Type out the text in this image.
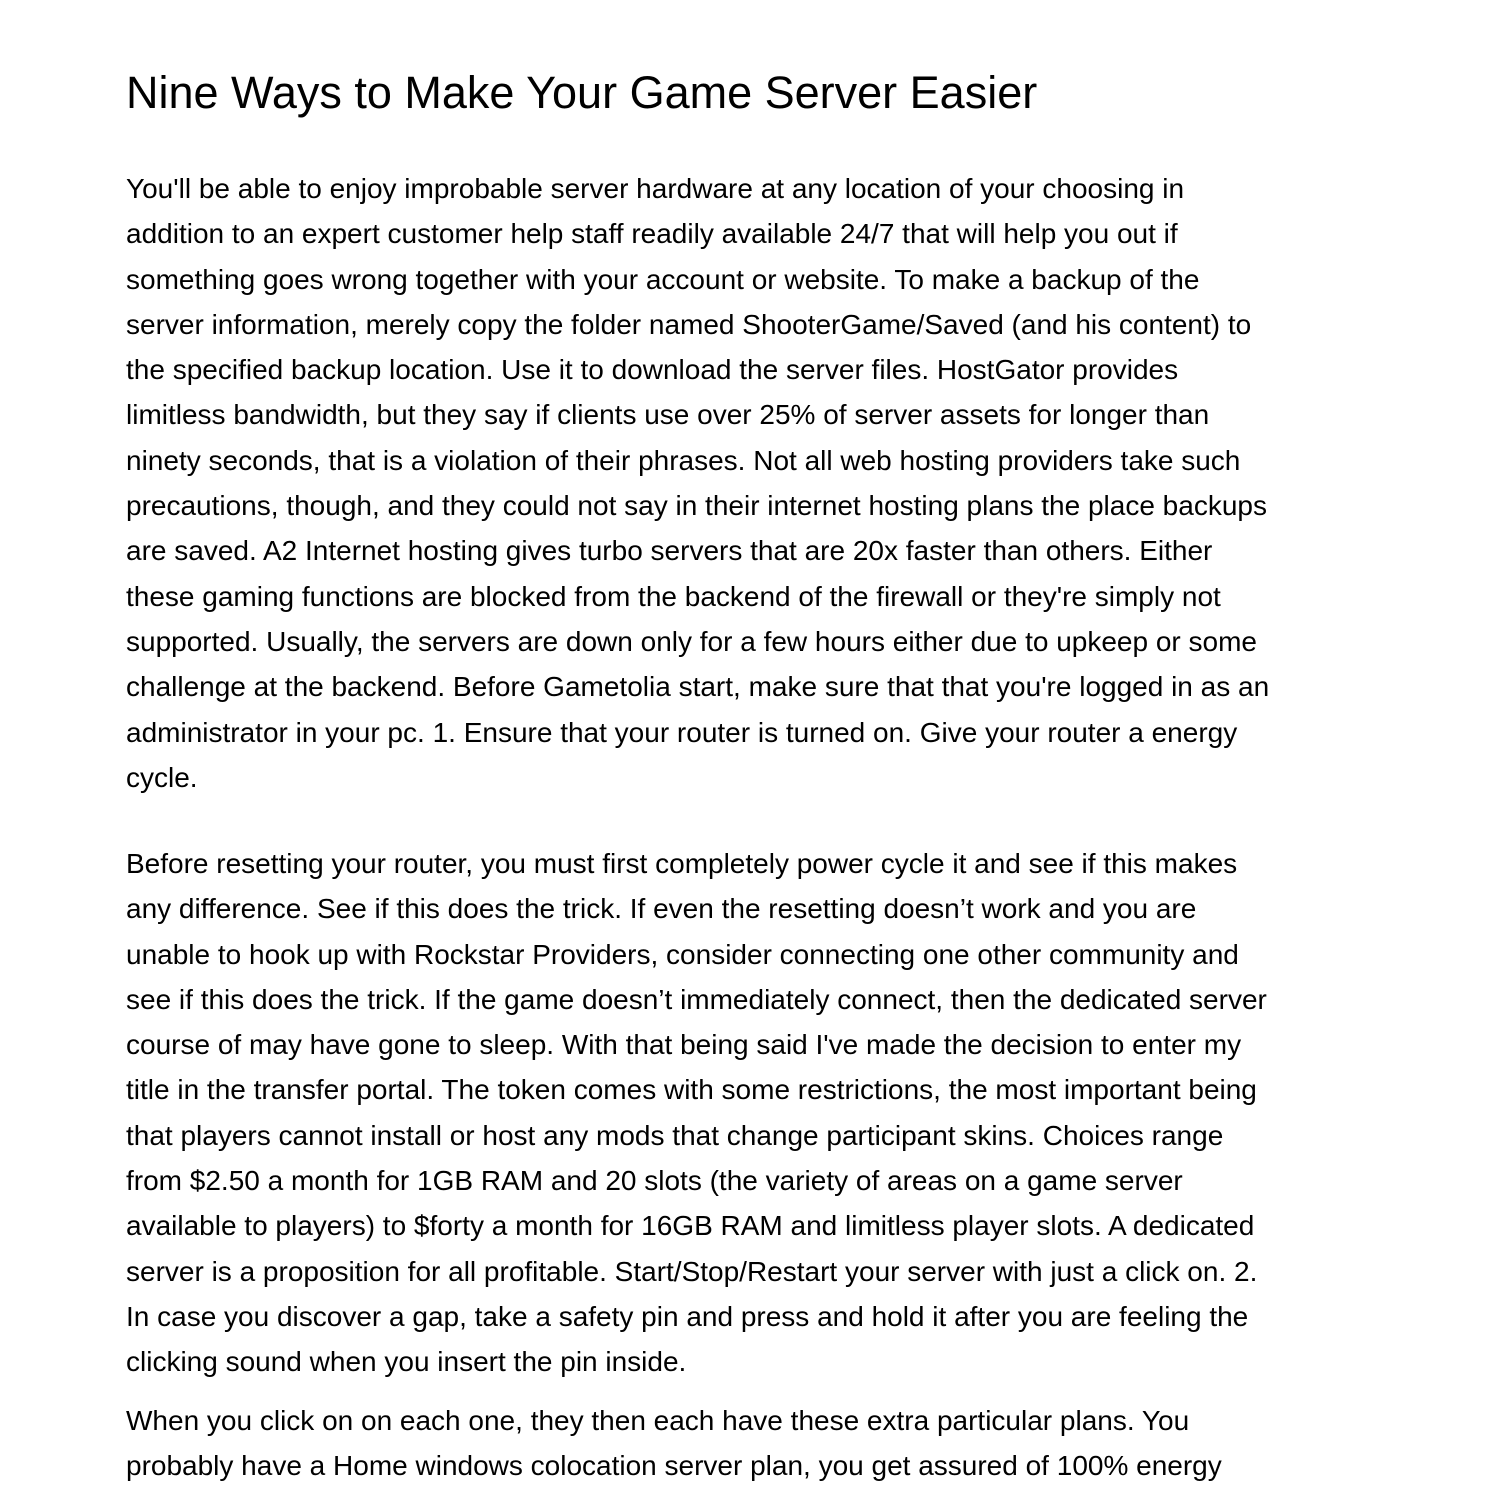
Nine Ways to Make Your Game Server Easier

You'll be able to enjoy improbable server hardware at any location of your choosing in
addition to an expert customer help staff readily available 24/7 that will help you out if
something goes wrong together with your account or website. To make a backup of the
server information, merely copy the folder named ShooterGame/Saved (and his content) to
the specified backup location. Use it to download the server files. HostGator provides
limitless bandwidth, but they say if clients use over 25% of server assets for longer than
ninety seconds, that is a violation of their phrases. Not all web hosting providers take such
precautions, though, and they could not say in their internet hosting plans the place backups
are saved. A2 Internet hosting gives turbo servers that are 20x faster than others. Either
these gaming functions are blocked from the backend of the firewall or they're simply not
supported. Usually, the servers are down only for a few hours either due to upkeep or some
challenge at the backend. Before Gametolia start, make sure that that you're logged in as an
administrator in your pc. 1. Ensure that your router is turned on. Give your router a energy
cycle.

Before resetting your router, you must first completely power cycle it and see if this makes
any difference. See if this does the trick. If even the resetting doesn’t work and you are
unable to hook up with Rockstar Providers, consider connecting one other community and
see if this does the trick. If the game doesn’t immediately connect, then the dedicated server
course of may have gone to sleep. With that being said I've made the decision to enter my
title in the transfer portal. The token comes with some restrictions, the most important being
that players cannot install or host any mods that change participant skins. Choices range
from $2.50 a month for 1GB RAM and 20 slots (the variety of areas on a game server
available to players) to $forty a month for 16GB RAM and limitless player slots. A dedicated
server is a proposition for all profitable. Start/Stop/Restart your server with just a click on. 2.
In case you discover a gap, take a safety pin and press and hold it after you are feeling the
clicking sound when you insert the pin inside.

When you click on on each one, they then each have these extra particular plans. You
probably have a Home windows colocation server plan, you get assured of 100% energy
